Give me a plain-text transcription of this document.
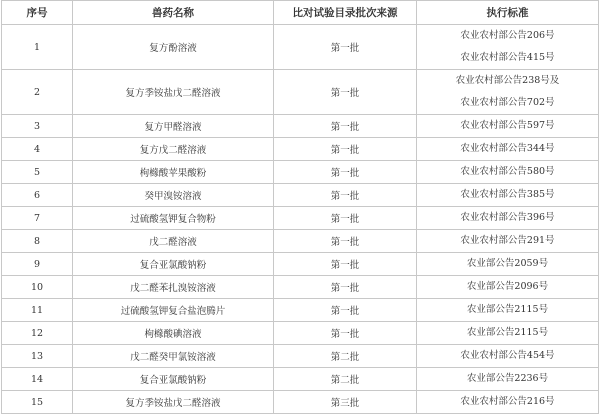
序号	兽药名称	比对试验目录批次来源	执行标准
1	复方酚溶液	第一批	农业农村部公告206号
农业农村部公告415号

2	复方季铵盐戊二醛溶液	第一批	农业农村部公告238号及
农业农村部公告702号

3	复方甲醛溶液	第一批	农业农村部公告597号

4	复方戊二醛溶液	第一批	农业农村部公告344号

5	枸橼酸苹果酸粉	第一批	农业农村部公告580号

6	癸甲溴铵溶液	第一批	农业农村部公告385号

7	过硫酸氢钾复合物粉	第一批	农业农村部公告396号

8	戊二醛溶液	第一批	农业农村部公告291号

9	复合亚氯酸钠粉	第一批	农业部公告2059号

10	戊二醛苯扎溴铵溶液	第一批	农业部公告2096号

11	过硫酸氢钾复合盐泡腾片	第一批	农业部公告2115号

12	枸橼酸碘溶液	第一批	农业部公告2115号

13	戊二醛癸甲氯铵溶液	第二批	农业农村部公告454号

14	复合亚氯酸钠粉	第二批	农业部公告2236号

15	复方季铵盐戊二醛溶液	第三批	农业农村部公告216号
